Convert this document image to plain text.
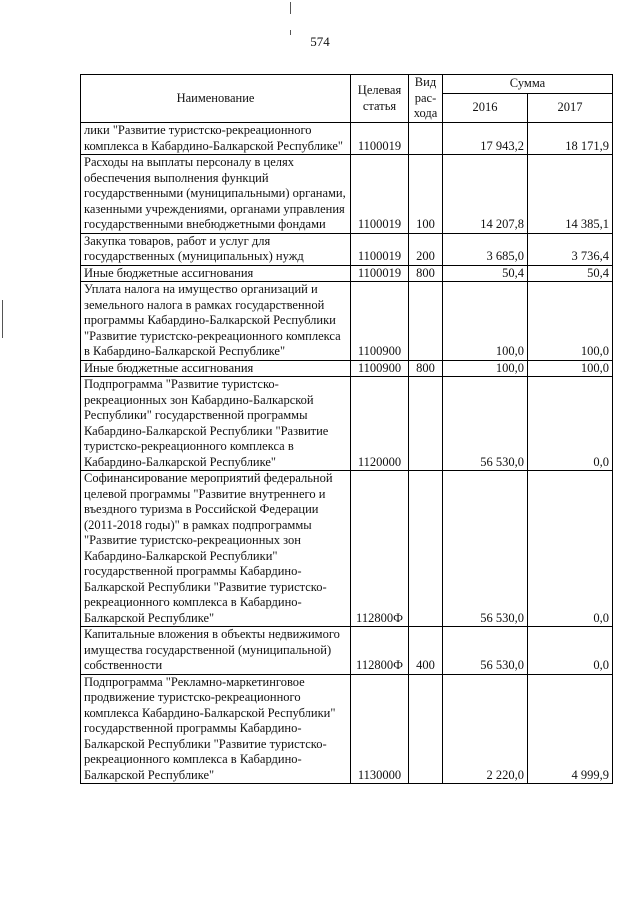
574
Наименование	Целевая статья	Вид рас-хода	Сумма	
			2016	2017
лики "Развитие туристско-рекреационного комплекса в Кабардино-Балкарской Республике"	1100019		17 943,2	18 171,9
Расходы на выплаты персоналу в целях обеспечения выполнения функций государственными (муниципальными) органами, казенными учреждениями, органами управления государственными внебюджетными фондами	1100019	100	14 207,8	14 385,1
Закупка товаров, работ и услуг для государственных (муниципальных) нужд	1100019	200	3 685,0	3 736,4
Иные бюджетные ассигнования	1100019	800	50,4	50,4
Уплата налога на имущество организаций и земельного налога в рамках государственной программы Кабардино-Балкарской Республики "Развитие туристско-рекреационного комплекса в Кабардино-Балкарской Республике"	1100900		100,0	100,0
Иные бюджетные ассигнования	1100900	800	100,0	100,0
Подпрограмма "Развитие туристско-рекреационных зон Кабардино-Балкарской Республики" государственной программы Кабардино-Балкарской Республики "Развитие туристско-рекреационного комплекса в Кабардино-Балкарской Республике"	1120000		56 530,0	0,0
Софинансирование мероприятий федеральной целевой программы "Развитие внутреннего и въездного туризма в Российской Федерации (2011-2018 годы)" в рамках подпрограммы "Развитие туристско-рекреационных зон Кабардино-Балкарской Республики" государственной программы Кабардино-Балкарской Республики "Развитие туристско-рекреационного комплекса в Кабардино-Балкарской Республике"	112800Ф		56 530,0	0,0
Капитальные вложения в объекты недвижимого имущества государственной (муниципальной) собственности	112800Ф	400	56 530,0	0,0
Подпрограмма "Рекламно-маркетинговое продвижение туристско-рекреационного комплекса Кабардино-Балкарской Республики" государственной программы Кабардино-Балкарской Республики "Развитие туристско-рекреационного комплекса в Кабардино-Балкарской Республике"	1130000		2 220,0	4 999,9
